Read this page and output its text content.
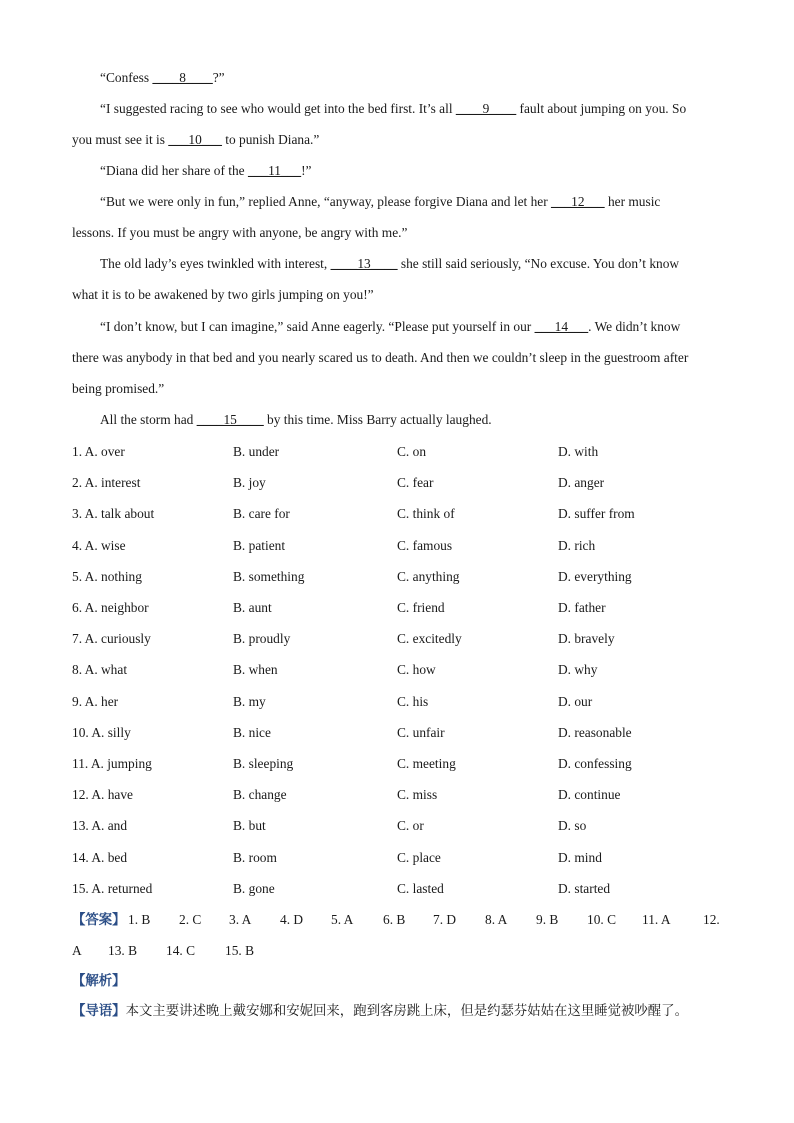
“Confess ____8____?”
“I suggested racing to see who would get into the bed first. It’s all ____9____ fault about jumping on you. So
you must see it is ___10___ to punish Diana.”
“Diana did her share of the ___11___!”
“But we were only in fun,” replied Anne, “anyway, please forgive Diana and let her ___12___ her music
lessons. If you must be angry with anyone, be angry with me.”
The old lady’s eyes twinkled with interest, ____13____ she still said seriously, “No excuse. You don’t know
what it is to be awakened by two girls jumping on you!”
“I don’t know, but I can imagine,” said Anne eagerly. “Please put yourself in our ___14___. We didn’t know
there was anybody in that bed and you nearly scared us to death. And then we couldn’t sleep in the guestroom after
being promised.”
All the storm had ____15____ by this time. Miss Barry actually laughed.
1. A. over	B. under	C. on	D. with
2. A. interest	B. joy	C. fear	D. anger
3. A. talk about	B. care for	C. think of	D. suffer from
4. A. wise	B. patient	C. famous	D. rich
5. A. nothing	B. something	C. anything	D. everything
6. A. neighbor	B. aunt	C. friend	D. father
7. A. curiously	B. proudly	C. excitedly	D. bravely
8. A. what	B. when	C. how	D. why
9. A. her	B. my	C. his	D. our
10. A. silly	B. nice	C. unfair	D. reasonable
11. A. jumping	B. sleeping	C. meeting	D. confessing
12. A. have	B. change	C. miss	D. continue
13. A. and	B. but	C. or	D. so
14. A. bed	B. room	C. place	D. mind
15. A. returned	B. gone	C. lasted	D. started
【答案】 1. B 2. C 3. A 4. D 5. A 6. B 7. D 8. A 9. B 10. C 11. A 12.
A 13. B 14. C 15. B
【解析】
【导语】本文主要讲述晚上戴安娜和安妮回来，跑到客房跳上床，但是约瑟芬姑姑在这里睡觉被吵醒了。
